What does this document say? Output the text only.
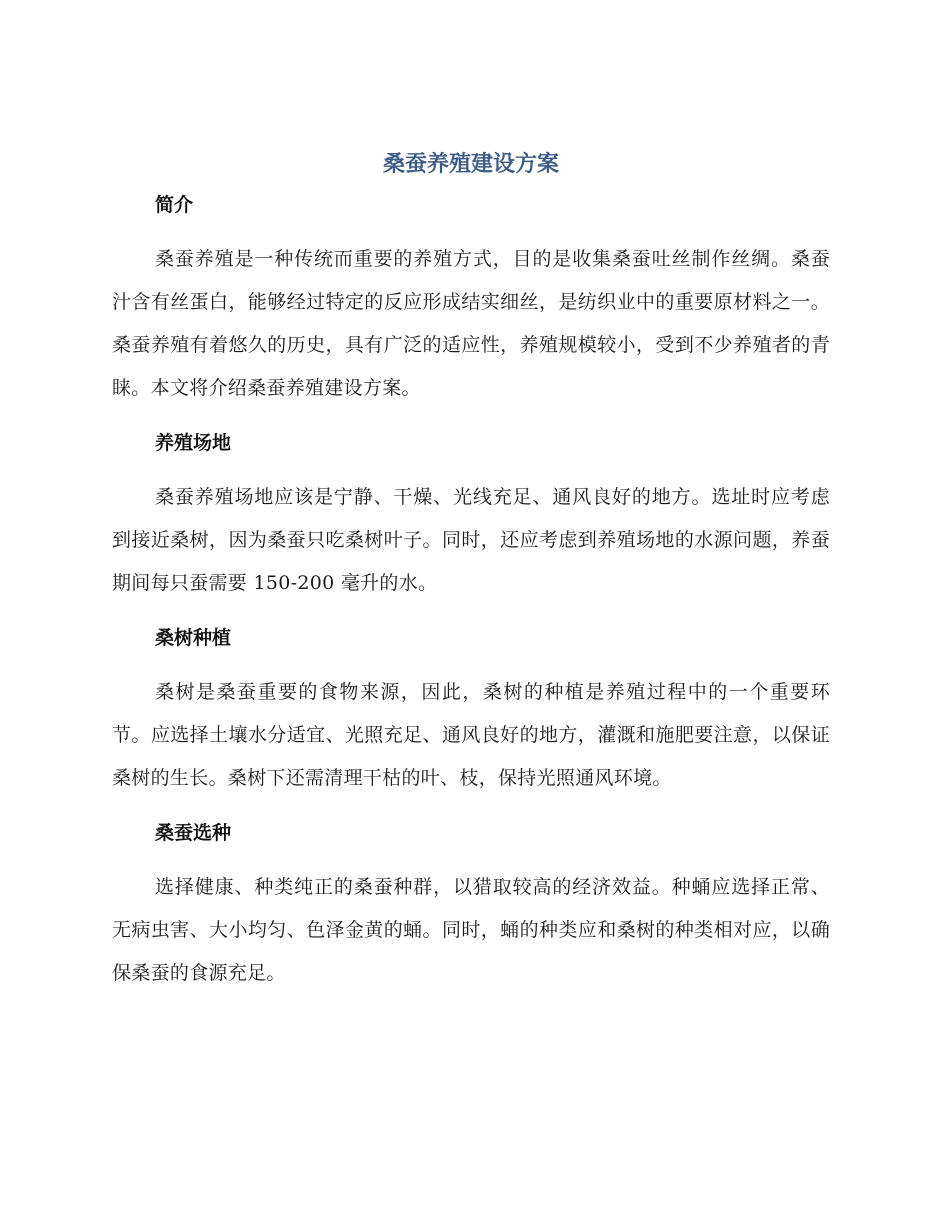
桑蚕养殖建设方案
简介

桑蚕养殖是一种传统而重要的养殖方式，目的是收集桑蚕吐丝制作丝绸。桑蚕汁含有丝蛋白，能够经过特定的反应形成结实细丝，是纺织业中的重要原材料之一。桑蚕养殖有着悠久的历史，具有广泛的适应性，养殖规模较小，受到不少养殖者的青睐。本文将介绍桑蚕养殖建设方案。

养殖场地

桑蚕养殖场地应该是宁静、干燥、光线充足、通风良好的地方。选址时应考虑到接近桑树，因为桑蚕只吃桑树叶子。同时，还应考虑到养殖场地的水源问题，养蚕期间每只蚕需要 150-200 毫升的水。

桑树种植

桑树是桑蚕重要的食物来源，因此，桑树的种植是养殖过程中的一个重要环节。应选择土壤水分适宜、光照充足、通风良好的地方，灌溉和施肥要注意，以保证桑树的生长。桑树下还需清理干枯的叶、枝，保持光照通风环境。

桑蚕选种

选择健康、种类纯正的桑蚕种群，以猎取较高的经济效益。种蛹应选择正常、无病虫害、大小均匀、色泽金黄的蛹。同时，蛹的种类应和桑树的种类相对应，以确保桑蚕的食源充足。
